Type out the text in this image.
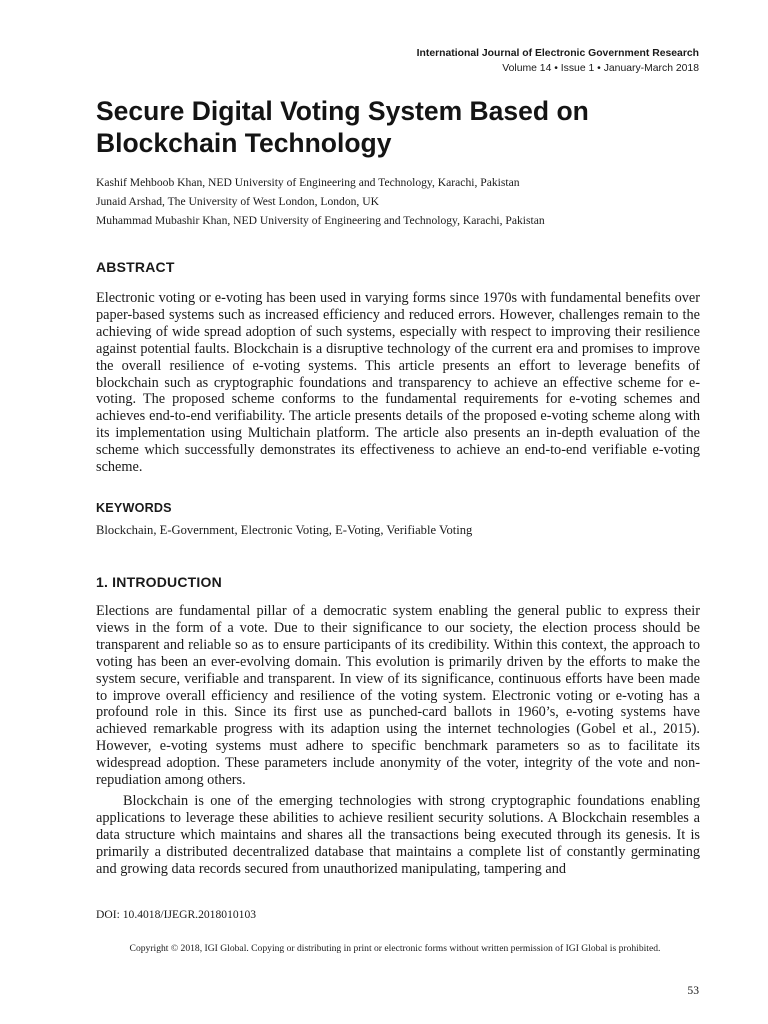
International Journal of Electronic Government Research
Volume 14 • Issue 1 • January-March 2018
Secure Digital Voting System Based on Blockchain Technology
Kashif Mehboob Khan, NED University of Engineering and Technology, Karachi, Pakistan
Junaid Arshad, The University of West London, London, UK
Muhammad Mubashir Khan, NED University of Engineering and Technology, Karachi, Pakistan
ABSTRACT

Electronic voting or e-voting has been used in varying forms since 1970s with fundamental benefits over paper-based systems such as increased efficiency and reduced errors. However, challenges remain to the achieving of wide spread adoption of such systems, especially with respect to improving their resilience against potential faults. Blockchain is a disruptive technology of the current era and promises to improve the overall resilience of e-voting systems. This article presents an effort to leverage benefits of blockchain such as cryptographic foundations and transparency to achieve an effective scheme for e-voting. The proposed scheme conforms to the fundamental requirements for e-voting schemes and achieves end-to-end verifiability. The article presents details of the proposed e-voting scheme along with its implementation using Multichain platform. The article also presents an in-depth evaluation of the scheme which successfully demonstrates its effectiveness to achieve an end-to-end verifiable e-voting scheme.

KEYWORDS

Blockchain, E-Government, Electronic Voting, E-Voting, Verifiable Voting

1. INTRODUCTION

Elections are fundamental pillar of a democratic system enabling the general public to express their views in the form of a vote. Due to their significance to our society, the election process should be transparent and reliable so as to ensure participants of its credibility. Within this context, the approach to voting has been an ever-evolving domain. This evolution is primarily driven by the efforts to make the system secure, verifiable and transparent. In view of its significance, continuous efforts have been made to improve overall efficiency and resilience of the voting system. Electronic voting or e-voting has a profound role in this. Since its first use as punched-card ballots in 1960’s, e-voting systems have achieved remarkable progress with its adaption using the internet technologies (Gobel et al., 2015). However, e-voting systems must adhere to specific benchmark parameters so as to facilitate its widespread adoption. These parameters include anonymity of the voter, integrity of the vote and non-repudiation among others.

Blockchain is one of the emerging technologies with strong cryptographic foundations enabling applications to leverage these abilities to achieve resilient security solutions. A Blockchain resembles a data structure which maintains and shares all the transactions being executed through its genesis. It is primarily a distributed decentralized database that maintains a complete list of constantly germinating and growing data records secured from unauthorized manipulating, tampering and

DOI: 10.4018/IJEGR.2018010103
Copyright © 2018, IGI Global. Copying or distributing in print or electronic forms without written permission of IGI Global is prohibited.
53
